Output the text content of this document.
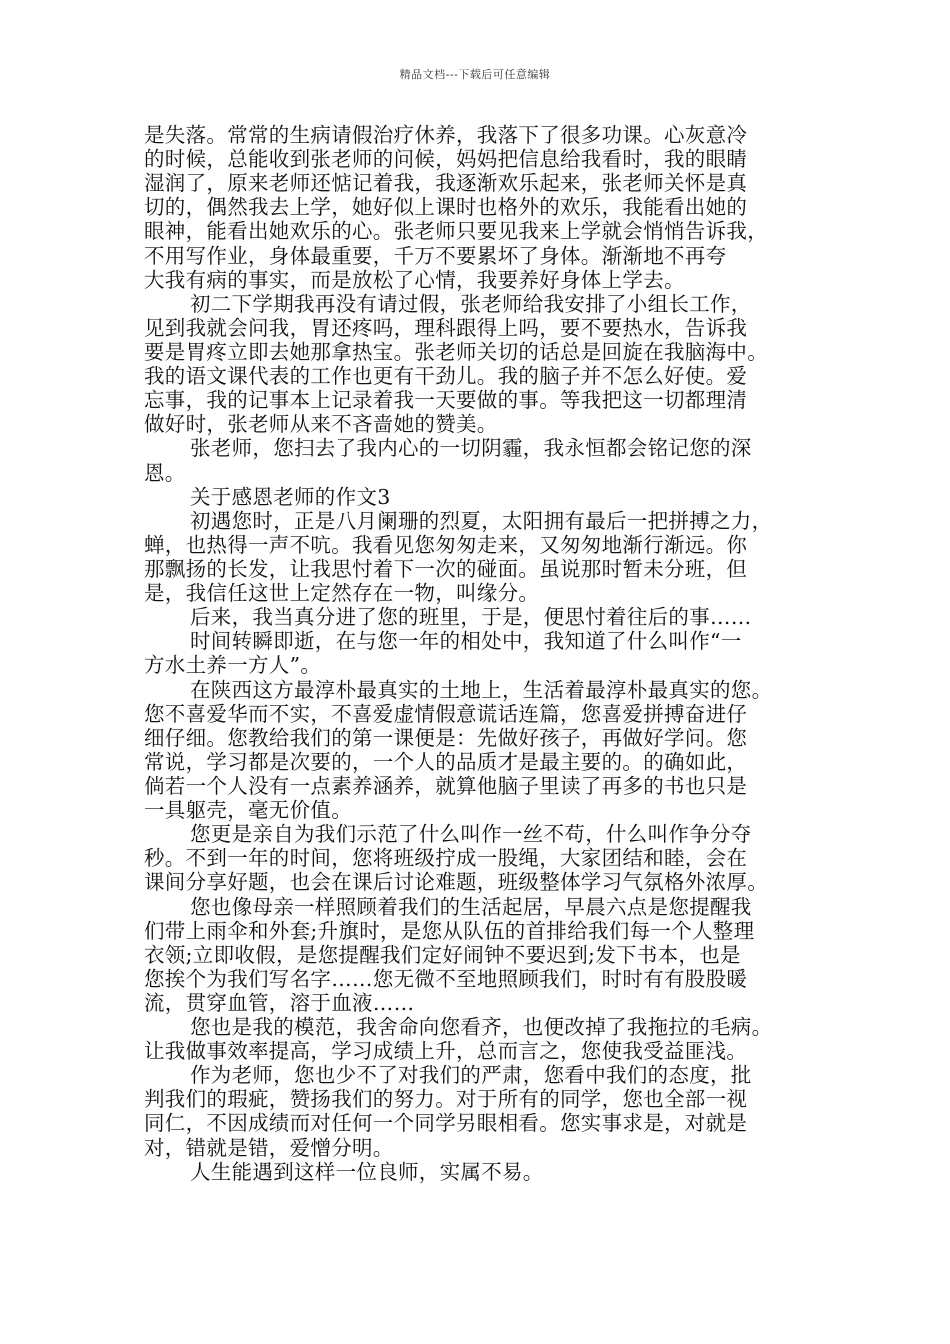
精品文档---下载后可任意编辑
是失落。常常的生病请假治疗休养，我落下了很多功课。心灰意冷
的时候，总能收到张老师的问候，妈妈把信息给我看时，我的眼睛
湿润了，原来老师还惦记着我，我逐渐欢乐起来，张老师关怀是真
切的，偶然我去上学，她好似上课时也格外的欢乐，我能看出她的
眼神，能看出她欢乐的心。张老师只要见我来上学就会悄悄告诉我，
不用写作业，身体最重要，千万不要累坏了身体。渐渐地不再夸
大我有病的事实，而是放松了心情，我要养好身体上学去。
初二下学期我再没有请过假，张老师给我安排了小组长工作，
见到我就会问我，胃还疼吗，理科跟得上吗，要不要热水，告诉我
要是胃疼立即去她那拿热宝。张老师关切的话总是回旋在我脑海中。
我的语文课代表的工作也更有干劲儿。我的脑子并不怎么好使。爱
忘事，我的记事本上记录着我一天要做的事。等我把这一切都理清
做好时，张老师从来不吝啬她的赞美。
张老师，您扫去了我内心的一切阴霾，我永恒都会铭记您的深
恩。
关于感恩老师的作文3
初遇您时，正是八月阑珊的烈夏，太阳拥有最后一把拼搏之力，
蝉，也热得一声不吭。我看见您匆匆走来，又匆匆地渐行渐远。你
那飘扬的长发，让我思忖着下一次的碰面。虽说那时暂未分班，但
是，我信任这世上定然存在一物，叫缘分。
后来，我当真分进了您的班里，于是，便思忖着往后的事……
时间转瞬即逝，在与您一年的相处中，我知道了什么叫作“一
方水土养一方人”。
在陕西这方最淳朴最真实的土地上，生活着最淳朴最真实的您。
您不喜爱华而不实，不喜爱虚情假意谎话连篇，您喜爱拼搏奋进仔
细仔细。您教给我们的第一课便是：先做好孩子，再做好学问。您
常说，学习都是次要的，一个人的品质才是最主要的。的确如此，
倘若一个人没有一点素养涵养，就算他脑子里读了再多的书也只是
一具躯壳，毫无价值。
您更是亲自为我们示范了什么叫作一丝不苟，什么叫作争分夺
秒。不到一年的时间，您将班级拧成一股绳，大家团结和睦，会在
课间分享好题，也会在课后讨论难题，班级整体学习气氛格外浓厚。
您也像母亲一样照顾着我们的生活起居，早晨六点是您提醒我
们带上雨伞和外套;升旗时，是您从队伍的首排给我们每一个人整理
衣领;立即收假，是您提醒我们定好闹钟不要迟到;发下书本，也是
您挨个为我们写名字……您无微不至地照顾我们，时时有有股股暖
流，贯穿血管，溶于血液……
您也是我的模范，我舍命向您看齐，也便改掉了我拖拉的毛病。
让我做事效率提高，学习成绩上升，总而言之，您使我受益匪浅。
作为老师，您也少不了对我们的严肃，您看中我们的态度，批
判我们的瑕疵，赞扬我们的努力。对于所有的同学，您也全部一视
同仁，不因成绩而对任何一个同学另眼相看。您实事求是，对就是
对，错就是错，爱憎分明。
人生能遇到这样一位良师，实属不易。
